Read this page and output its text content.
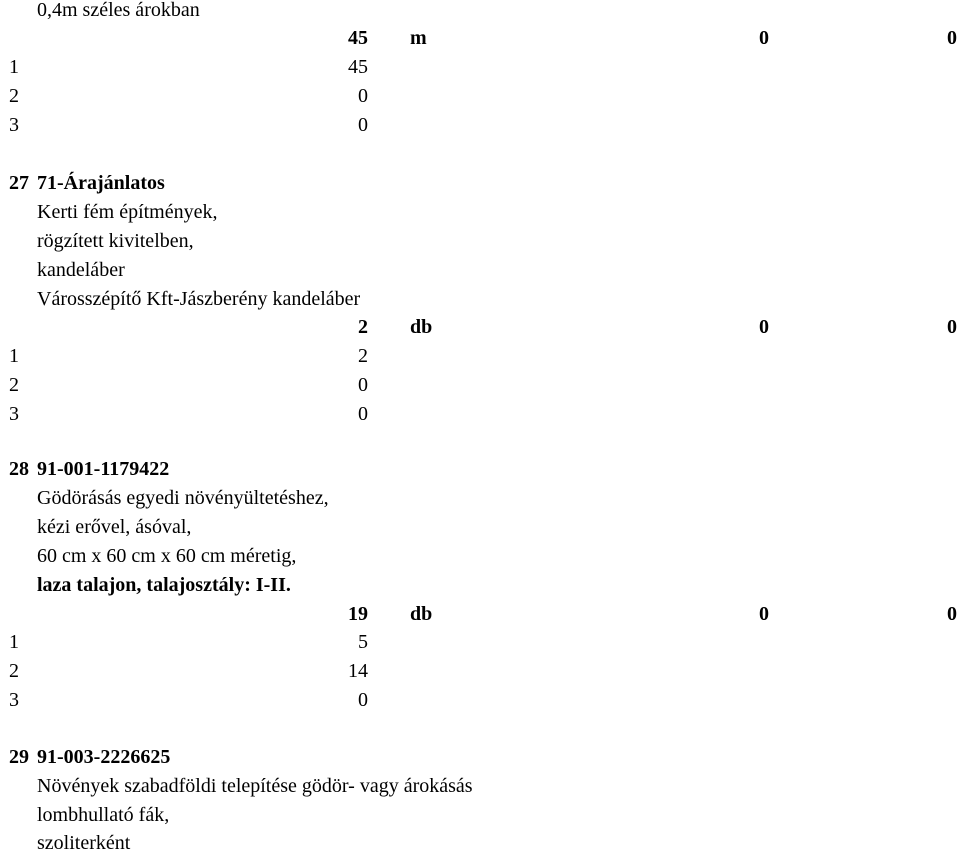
0,4m széles árokban
45 m	0	0
1	45
2	0
3	0
27 71-Árajánlatos
Kerti fém építmények,
rögzített kivitelben,
kandeláber
Városszépítő Kft-Jászberény kandeláber
2 db	0	0
1	2
2	0
3	0
28 91-001-1179422
Gödörásás egyedi növényültetéshez,
kézi erővel, ásóval,
60 cm x 60 cm x 60 cm méretig,
laza talajon, talajosztály: I-II.
19 db	0	0
1	5
2	14
3	0
29 91-003-2226625
Növények szabadföldi telepítése gödör- vagy árokásás
lombhullató fák,
szoliterként
